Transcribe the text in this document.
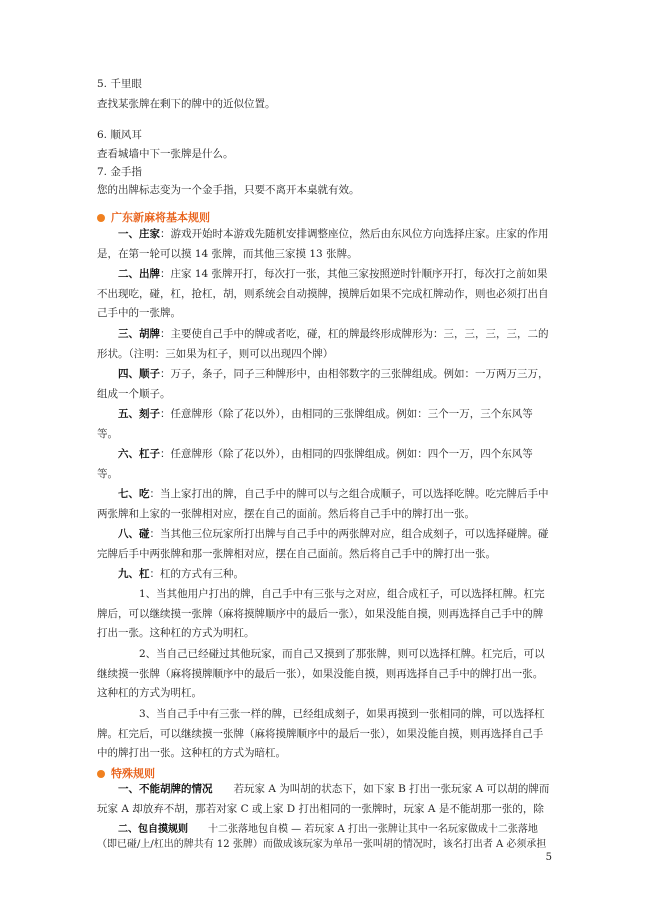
5. 千里眼
查找某张牌在剩下的牌中的近似位置。
6. 顺风耳
查看城墙中下一张牌是什么。
7. 金手指
您的出牌标志变为一个金手指，只要不离开本桌就有效。
广东新麻将基本规则
一、庄家：游戏开始时本游戏先随机安排调整座位，然后由东风位方向选择庄家。庄家的作用是，在第一轮可以摸 14 张牌，而其他三家摸 13 张牌。
二、出牌：庄家 14 张牌开打，每次打一张，其他三家按照逆时针顺序开打，每次打之前如果不出现吃，碰，杠，抢杠，胡，则系统会自动摸牌，摸牌后如果不完成杠牌动作，则也必须打出自己手中的一张牌。
三、胡牌：主要使自己手中的牌或者吃，碰，杠的牌最终形成牌形为：三，三，三，三，二的形状。（注明：三如果为杠子，则可以出现四个牌）
四、顺子：万子，条子，同子三种牌形中，由相邻数字的三张牌组成。例如：一万两万三万，组成一个顺子。
五、刻子：任意牌形（除了花以外），由相同的三张牌组成。例如：三个一万，三个东风等等。
六、杠子：任意牌形（除了花以外），由相同的四张牌组成。例如：四个一万，四个东风等等。
七、吃：当上家打出的牌，自己手中的牌可以与之组合成顺子，可以选择吃牌。吃完牌后手中两张牌和上家的一张牌相对应，摆在自己的面前。然后将自己手中的牌打出一张。
八、碰：当其他三位玩家所打出牌与自己手中的两张牌对应，组合成刻子，可以选择碰牌。碰完牌后手中两张牌和那一张牌相对应，摆在自己面前。然后将自己手中的牌打出一张。
九、杠：杠的方式有三种。
1、当其他用户打出的牌，自己手中有三张与之对应，组合成杠子，可以选择杠牌。杠完牌后，可以继续摸一张牌（麻将摸牌顺序中的最后一张），如果没能自摸，则再选择自己手中的牌打出一张。这种杠的方式为明杠。
2、当自己已经碰过其他玩家，而自己又摸到了那张牌，则可以选择杠牌。杠完后，可以继续摸一张牌（麻将摸牌顺序中的最后一张），如果没能自摸，则再选择自己手中的牌打出一张。这种杠的方式为明杠。
3、当自己手中有三张一样的牌，已经组成刻子，如果再摸到一张相同的牌，可以选择杠牌。杠完后，可以继续摸一张牌（麻将摸牌顺序中的最后一张），如果没能自摸，则再选择自己手中的牌打出一张。这种杠的方式为暗杠。
特殊规则
一、不能胡牌的情况　　若玩家 A 为叫胡的状态下，如下家 B 打出一张玩家 A 可以胡的牌而玩家 A 却放弃不胡，那若对家 C 或上家 D 打出相同的一张牌时，玩家 A 是不能胡那一张的，除
二、包自摸规则　　十二张落地包自模 — 若玩家 A 打出一张牌让其中一名玩家做成十二张落地（即已碰/上/杠出的牌共有 12 张牌）而做成该玩家为单吊一张叫胡的情况时，该名打出者 A 必须承担
5
